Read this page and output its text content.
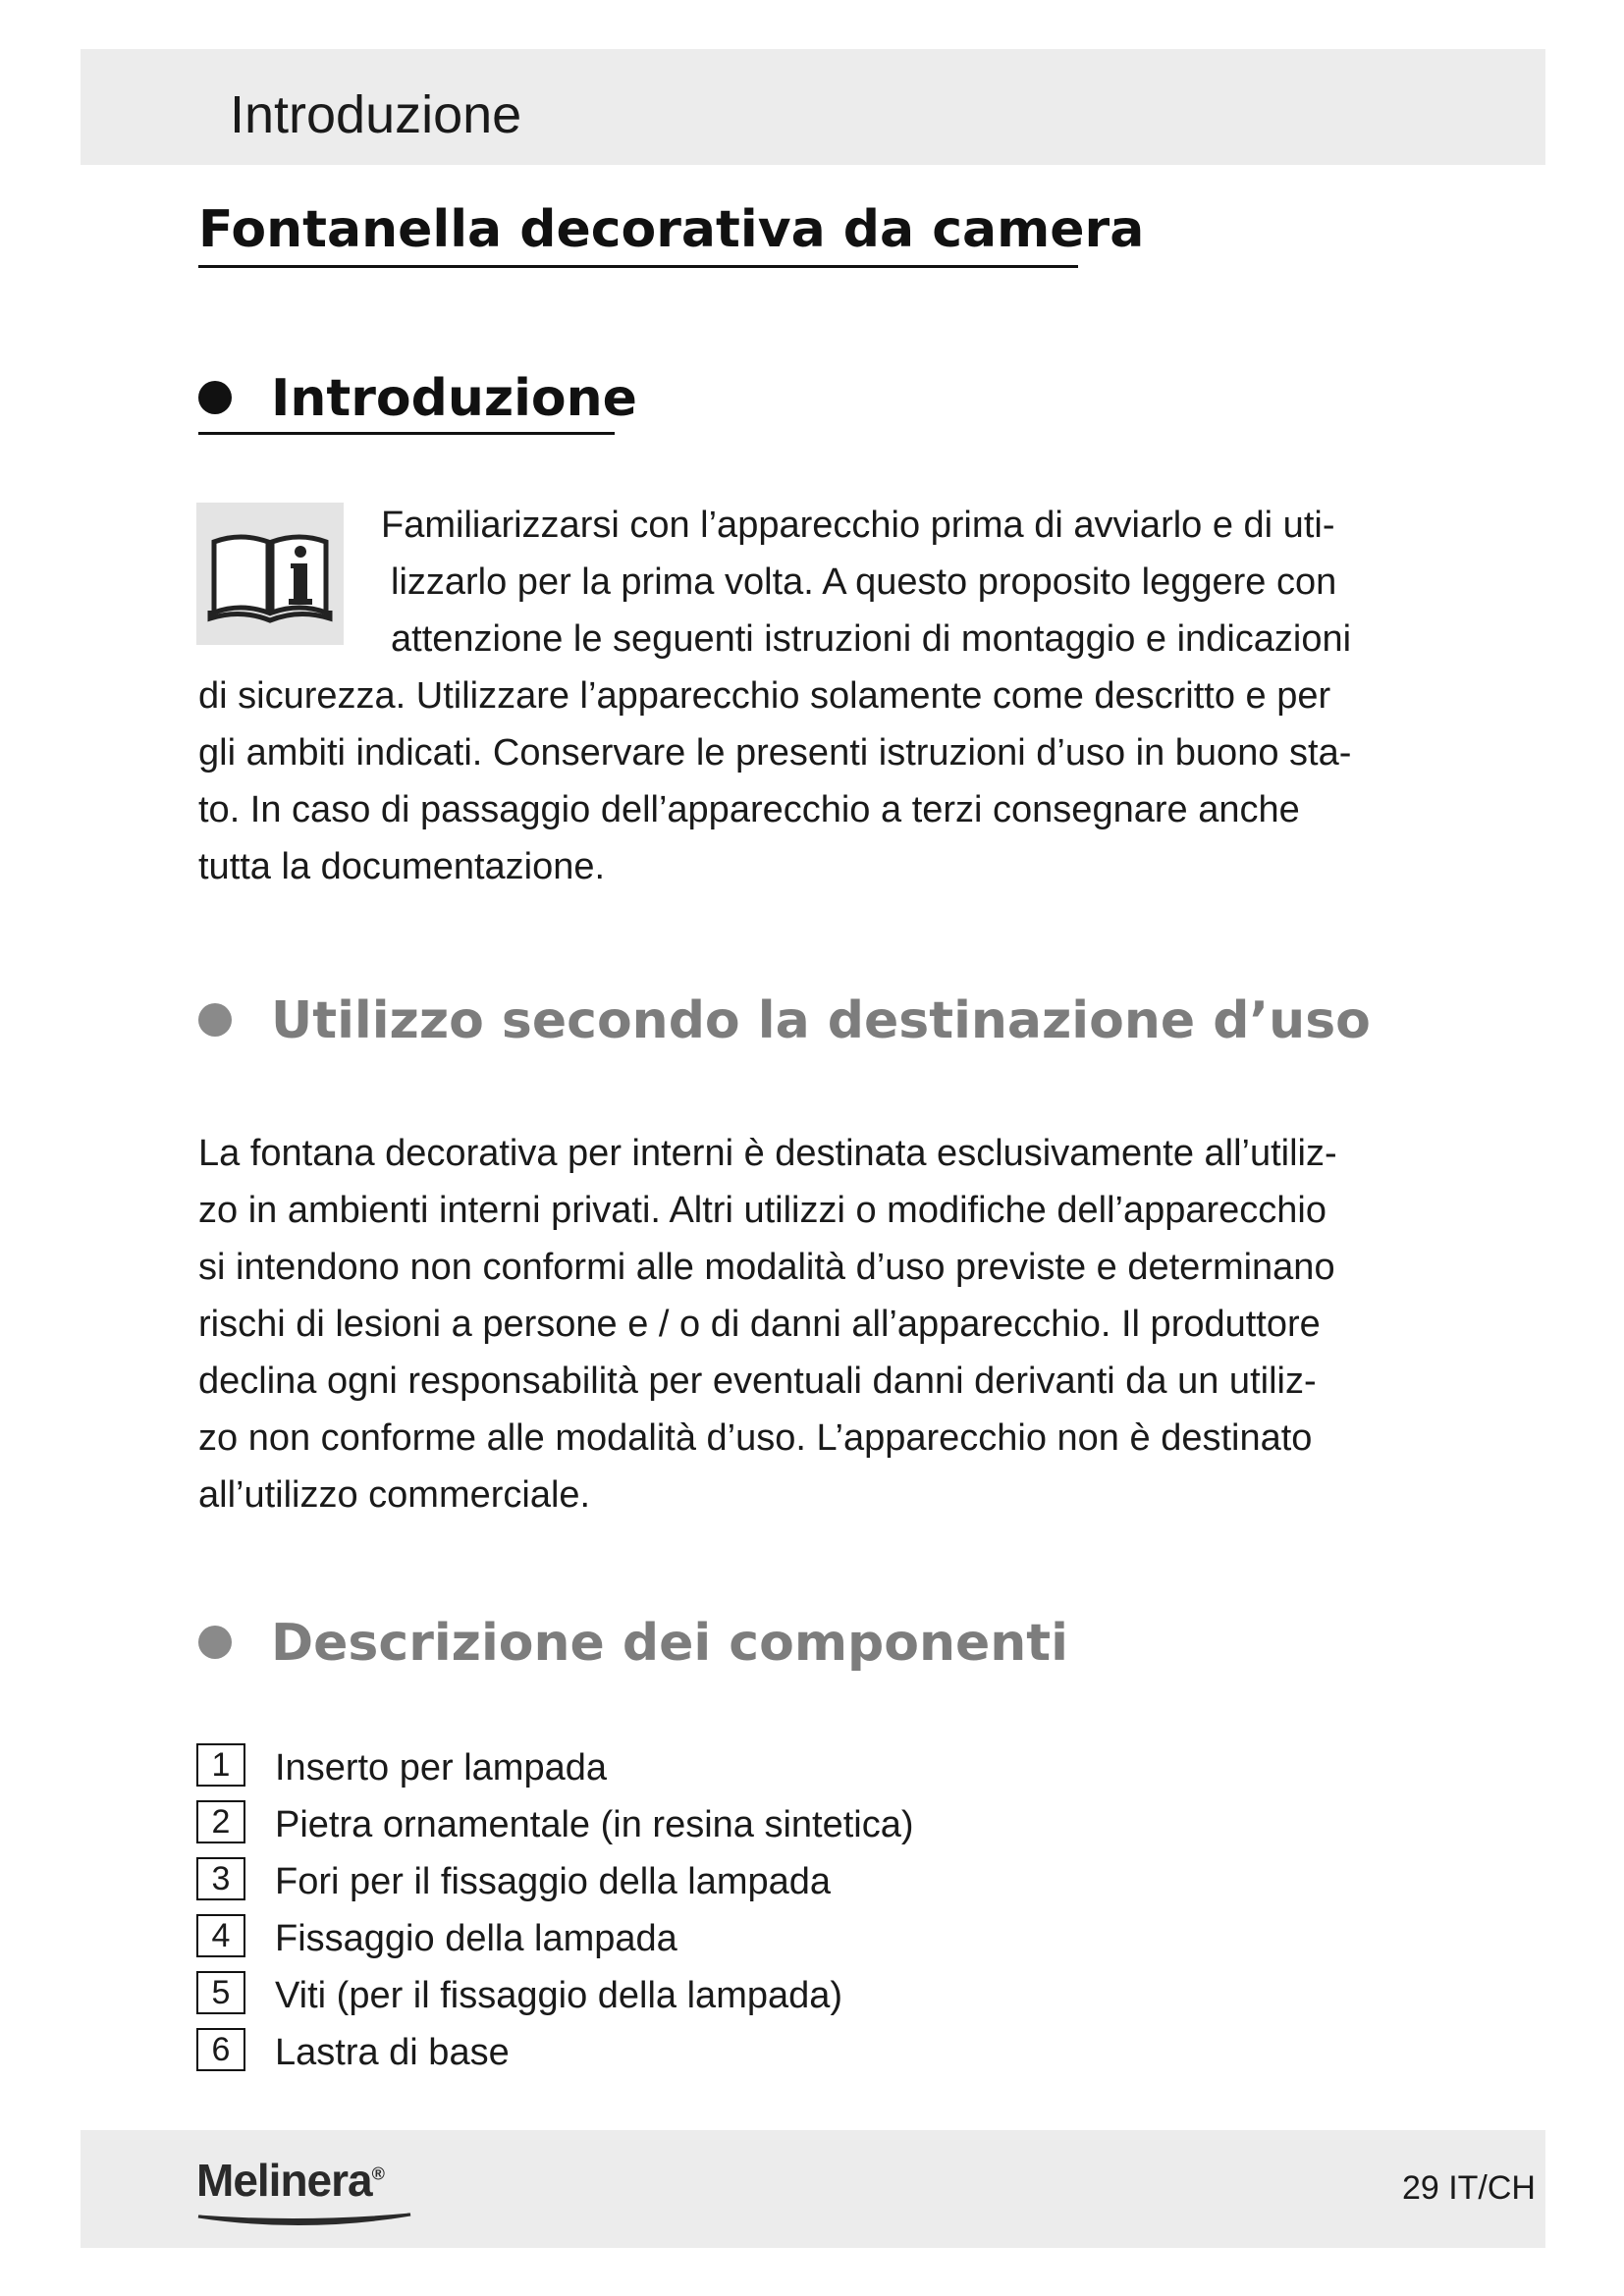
Introduzione
Fontanella decorativa da camera
Introduzione
Familiarizzarsi con l’apparecchio prima di avviarlo e di uti-
lizzarlo per la prima volta. A questo proposito leggere con
attenzione le seguenti istruzioni di montaggio e indicazioni
di sicurezza. Utilizzare l’apparecchio solamente come descritto e per
gli ambiti indicati. Conservare le presenti istruzioni d’uso in buono sta-
to. In caso di passaggio dell’apparecchio a terzi consegnare anche
tutta la documentazione.
Utilizzo secondo la destinazione d’uso
La fontana decorativa per interni è destinata esclusivamente all’utiliz-
zo in ambienti interni privati. Altri utilizzi o modifiche dell’apparecchio
si intendono non conformi alle modalità d’uso previste e determinano
rischi di lesioni a persone e / o di danni all’apparecchio. Il produttore
declina ogni responsabilità per eventuali danni derivanti da un utiliz-
zo non conforme alle modalità d’uso. L’apparecchio non è destinato
all’utilizzo commerciale.
Descrizione dei componenti
1	Inserto per lampada
2	Pietra ornamentale (in resina sintetica)
3	Fori per il fissaggio della lampada
4	Fissaggio della lampada
5	Viti (per il fissaggio della lampada)
6	Lastra di base
Melinera®	29 IT/CH
